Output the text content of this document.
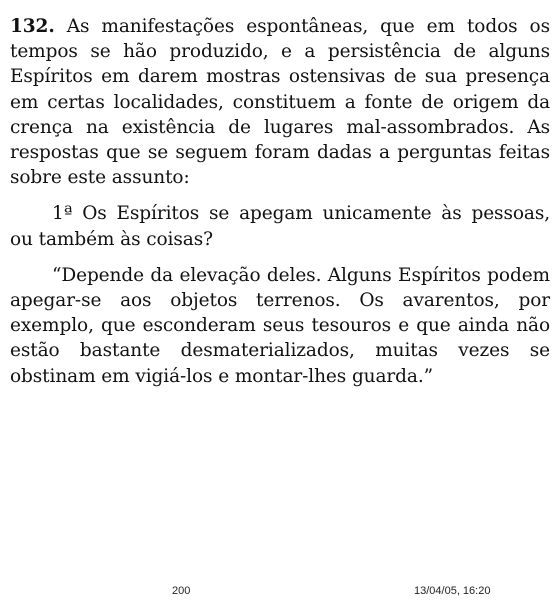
132. As manifestações espontâneas, que em todos os tempos se hão produzido, e a persistência de alguns Espíritos em darem mostras ostensivas de sua presença em certas localidades, constituem a fonte de origem da crença na existência de lugares mal-assombrados. As respostas que se seguem foram dadas a perguntas feitas sobre este assunto:

1ª Os Espíritos se apegam unicamente às pessoas, ou também às coisas?

“Depende da elevação deles. Alguns Espíritos podem apegar-se aos objetos terrenos. Os avarentos, por exemplo, que esconderam seus tesouros e que ainda não estão bastante desmaterializados, muitas vezes se obstinam em vigiá-los e montar-lhes guarda.”

200	13/04/05, 16:20
